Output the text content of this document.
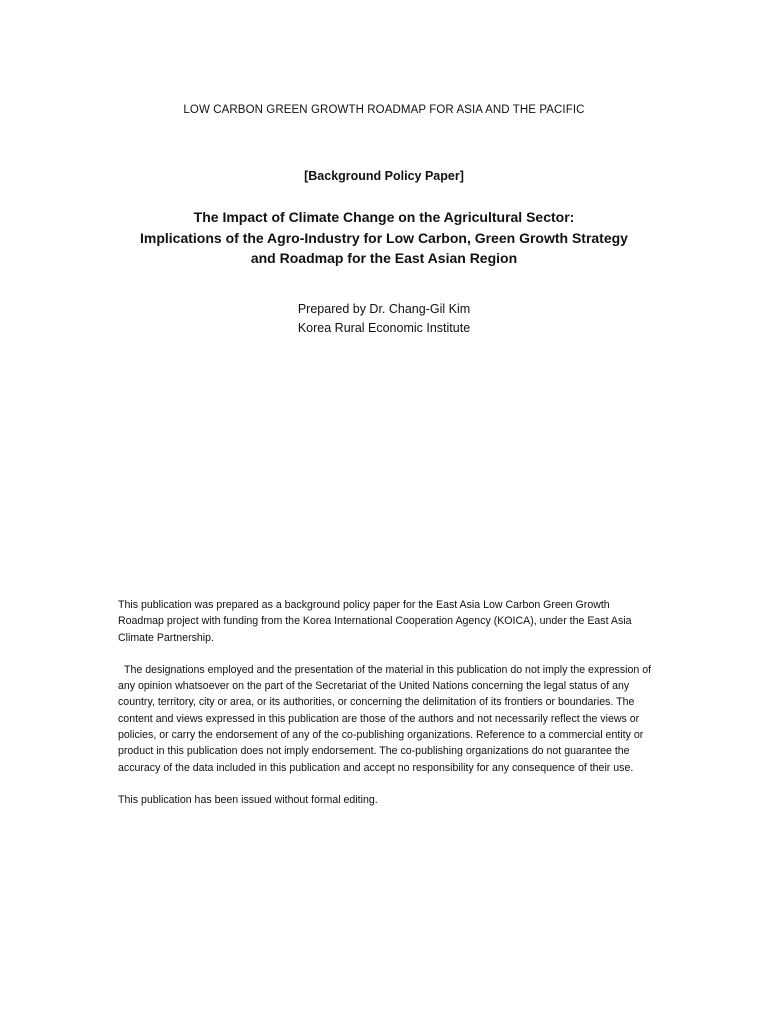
LOW CARBON GREEN GROWTH ROADMAP FOR ASIA AND THE PACIFIC
[Background Policy Paper]
The Impact of Climate Change on the Agricultural Sector:
Implications of the Agro-Industry for Low Carbon, Green Growth Strategy
and Roadmap for the East Asian Region
Prepared by Dr. Chang-Gil Kim
Korea Rural Economic Institute

This publication was prepared as a background policy paper for the East Asia Low Carbon Green Growth Roadmap project with funding from the Korea International Cooperation Agency (KOICA), under the East Asia Climate Partnership.

The designations employed and the presentation of the material in this publication do not imply the expression of any opinion whatsoever on the part of the Secretariat of the United Nations concerning the legal status of any country, territory, city or area, or its authorities, or concerning the delimitation of its frontiers or boundaries. The content and views expressed in this publication are those of the authors and not necessarily reflect the views or policies, or carry the endorsement of any of the co-publishing organizations. Reference to a commercial entity or product in this publication does not imply endorsement. The co-publishing organizations do not guarantee the accuracy of the data included in this publication and accept no responsibility for any consequence of their use.

This publication has been issued without formal editing.
